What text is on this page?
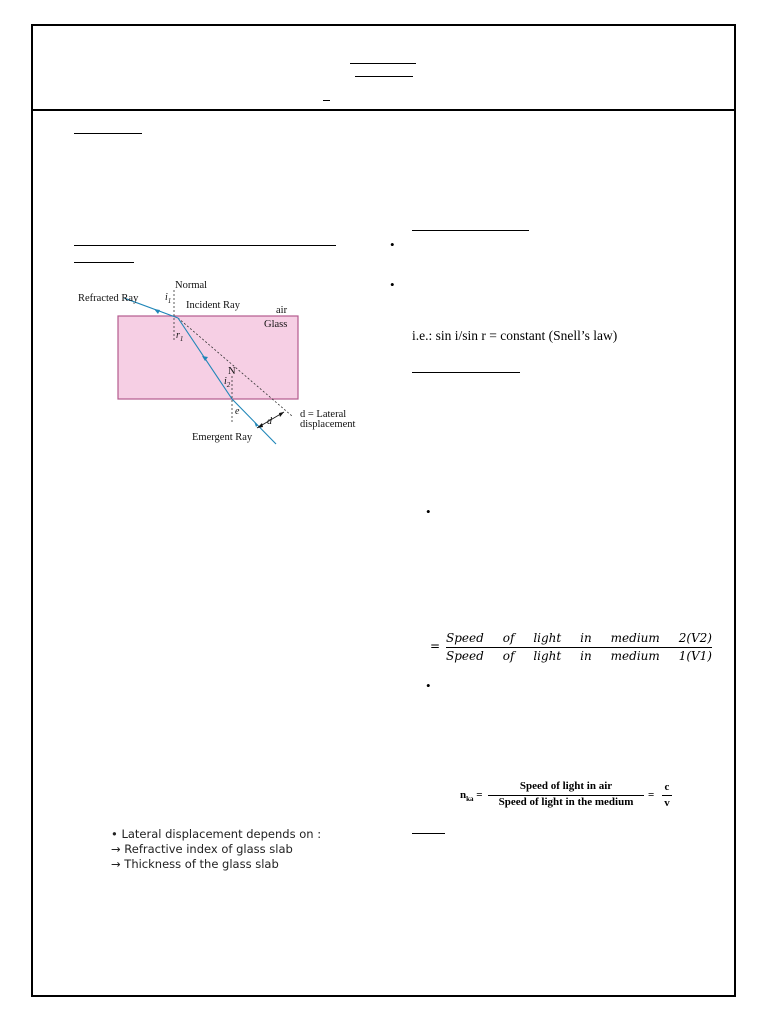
•
•
•
•
i.e.: sin i/sin r = constant (Snell’s law)
Normal
Refracted Ray
Incident Ray	air
Glass
$i_1$
$r_1$
N
$i_2$
e
d
d = Lateral
displacement
Emergent Ray
=
Speed of light in medium 2(V2)
Speed of light in medium 1(V1)
$n_{ka}$ =
Speed of light in air
Speed of light in the medium
=
c
v
• Lateral displacement depends on :
→ Refractive index of glass slab
→ Thickness of the glass slab
